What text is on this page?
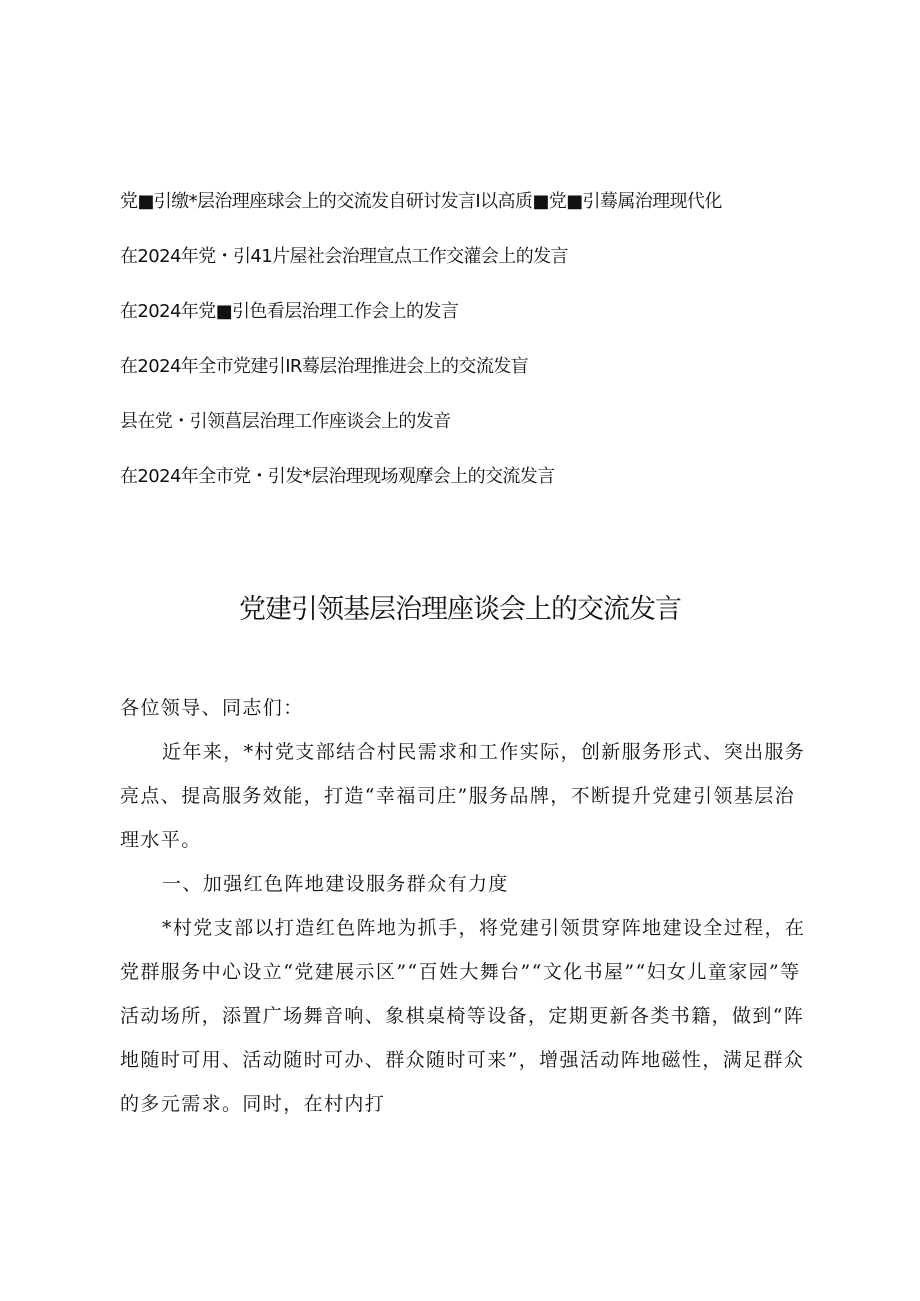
党■引缴*层治理座球会上的交流发自研讨发言I以高质■党■引蓦属治理现代化
在2024年党・引41片屋社会治理宣点工作交灌会上的发言
在2024年党■引色看层治理工作会上的发言
在2024年全市党建引IR蓦层治理推进会上的交流发盲
县在党・引领菖层治理工作座谈会上的发音
在2024年全市党・引发*层治理现场观摩会上的交流发言
党建引领基层治理座谈会上的交流发言

各位领导、同志们：

近年来，*村党支部结合村民需求和工作实际，创新服务形式、突出服务亮点、提高服务效能，打造“幸福司庄”服务品牌，不断提升党建引领基层治理水平。

一、加强红色阵地建设服务群众有力度

*村党支部以打造红色阵地为抓手，将党建引领贯穿阵地建设全过程，在党群服务中心设立“党建展示区”“百姓大舞台”“文化书屋”“妇女儿童家园”等活动场所，添置广场舞音响、象棋桌椅等设备，定期更新各类书籍，做到“阵地随时可用、活动随时可办、群众随时可来”，增强活动阵地磁性，满足群众的多元需求。同时，在村内打
